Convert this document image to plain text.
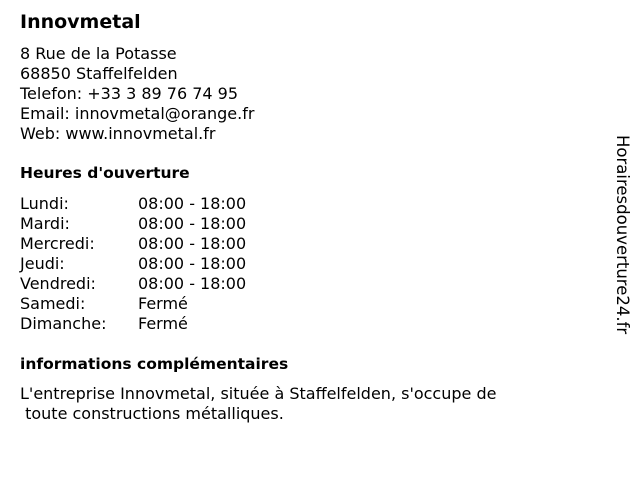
Innovmetal
8 Rue de la Potasse
68850 Staffelfelden
Telefon: +33 3 89 76 74 95
Email: innovmetal@orange.fr
Web: www.innovmetal.fr
Heures d'ouverture
Lundi:	08:00 - 18:00
Mardi:	08:00 - 18:00
Mercredi:	08:00 - 18:00
Jeudi:	08:00 - 18:00
Vendredi:	08:00 - 18:00
Samedi:	Fermé
Dimanche: Fermé
informations complémentaires
L'entreprise Innovmetal, située à Staffelfelden, s'occupe de
toute constructions métalliques.
Horairesdouverture24.fr
